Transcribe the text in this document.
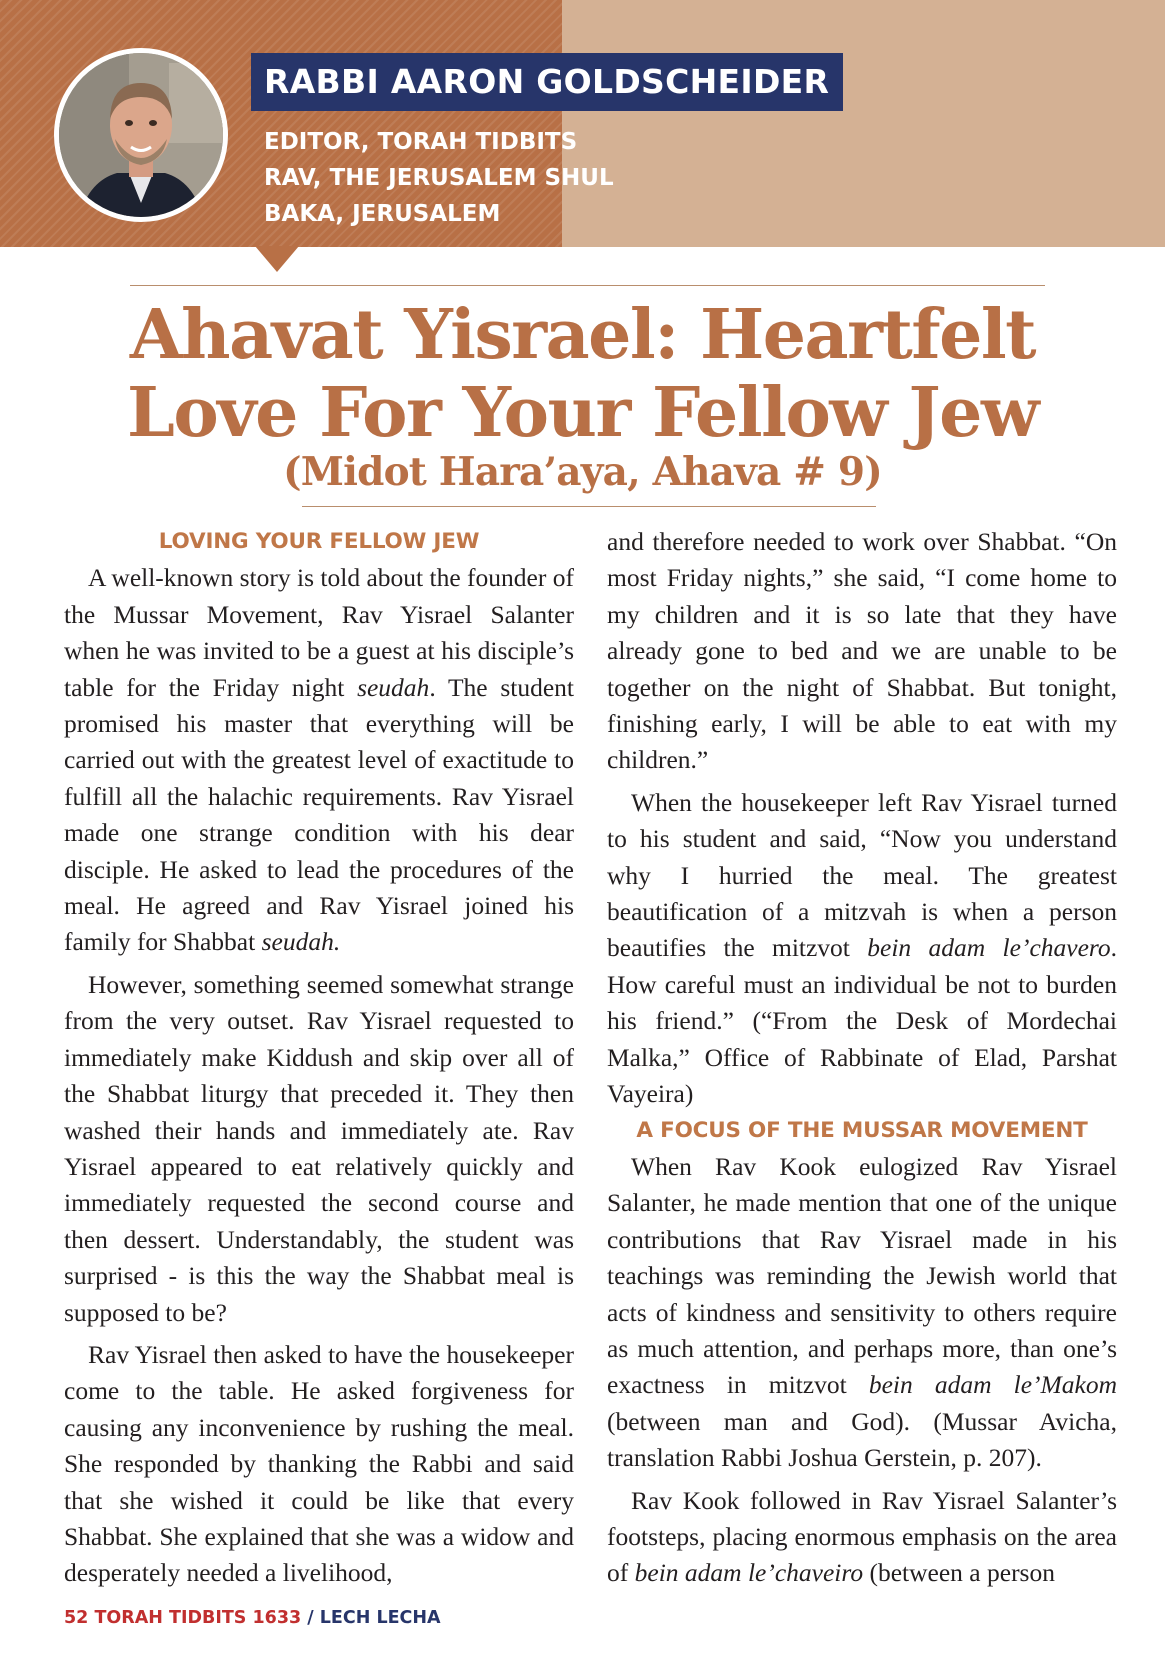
RABBI AARON GOLDSCHEIDER
EDITOR, TORAH TIDBITS
RAV, THE JERUSALEM SHUL
BAKA, JERUSALEM
Ahavat Yisrael: Heartfelt
Love For Your Fellow Jew
(Midot Hara’aya, Ahava # 9)
LOVING YOUR FELLOW JEW

A well-known story is told about the founder of the Mussar Movement, Rav Yisrael Salanter when he was invited to be a guest at his disciple’s table for the Friday night seudah. The student promised his master that everything will be carried out with the greatest level of exactitude to fulfill all the halachic requirements. Rav Yisrael made one strange condition with his dear disciple. He asked to lead the procedures of the meal. He agreed and Rav Yisrael joined his family for Shabbat seudah.

However, something seemed somewhat strange from the very outset. Rav Yisrael requested to immediately make Kiddush and skip over all of the Shabbat liturgy that preceded it. They then washed their hands and immediately ate. Rav Yisrael appeared to eat relatively quickly and immediately requested the second course and then dessert. Understandably, the student was surprised - is this the way the Shabbat meal is supposed to be?

Rav Yisrael then asked to have the housekeeper come to the table. He asked forgiveness for causing any inconvenience by rushing the meal. She responded by thanking the Rabbi and said that she wished it could be like that every Shabbat. She explained that she was a widow and desperately needed a livelihood,

and therefore needed to work over Shabbat. “On most Friday nights,” she said, “I come home to my children and it is so late that they have already gone to bed and we are unable to be together on the night of Shabbat. But tonight, finishing early, I will be able to eat with my children.”

When the housekeeper left Rav Yisrael turned to his student and said, “Now you understand why I hurried the meal. The greatest beautification of a mitzvah is when a person beautifies the mitzvot bein adam le’chavero. How careful must an individual be not to burden his friend.” (“From the Desk of Mordechai Malka,” Office of Rabbinate of Elad, Parshat Vayeira)

A FOCUS OF THE MUSSAR MOVEMENT

When Rav Kook eulogized Rav Yisrael Salanter, he made mention that one of the unique contributions that Rav Yisrael made in his teachings was reminding the Jewish world that acts of kindness and sensitivity to others require as much attention, and perhaps more, than one’s exactness in mitzvot bein adam le’Makom (between man and God). (Mussar Avicha, translation Rabbi Joshua Gerstein, p. 207).

Rav Kook followed in Rav Yisrael Salanter’s footsteps, placing enormous emphasis on the area of bein adam le’chaveiro (between a person

52 TORAH TIDBITS 1633 / LECH LECHA
